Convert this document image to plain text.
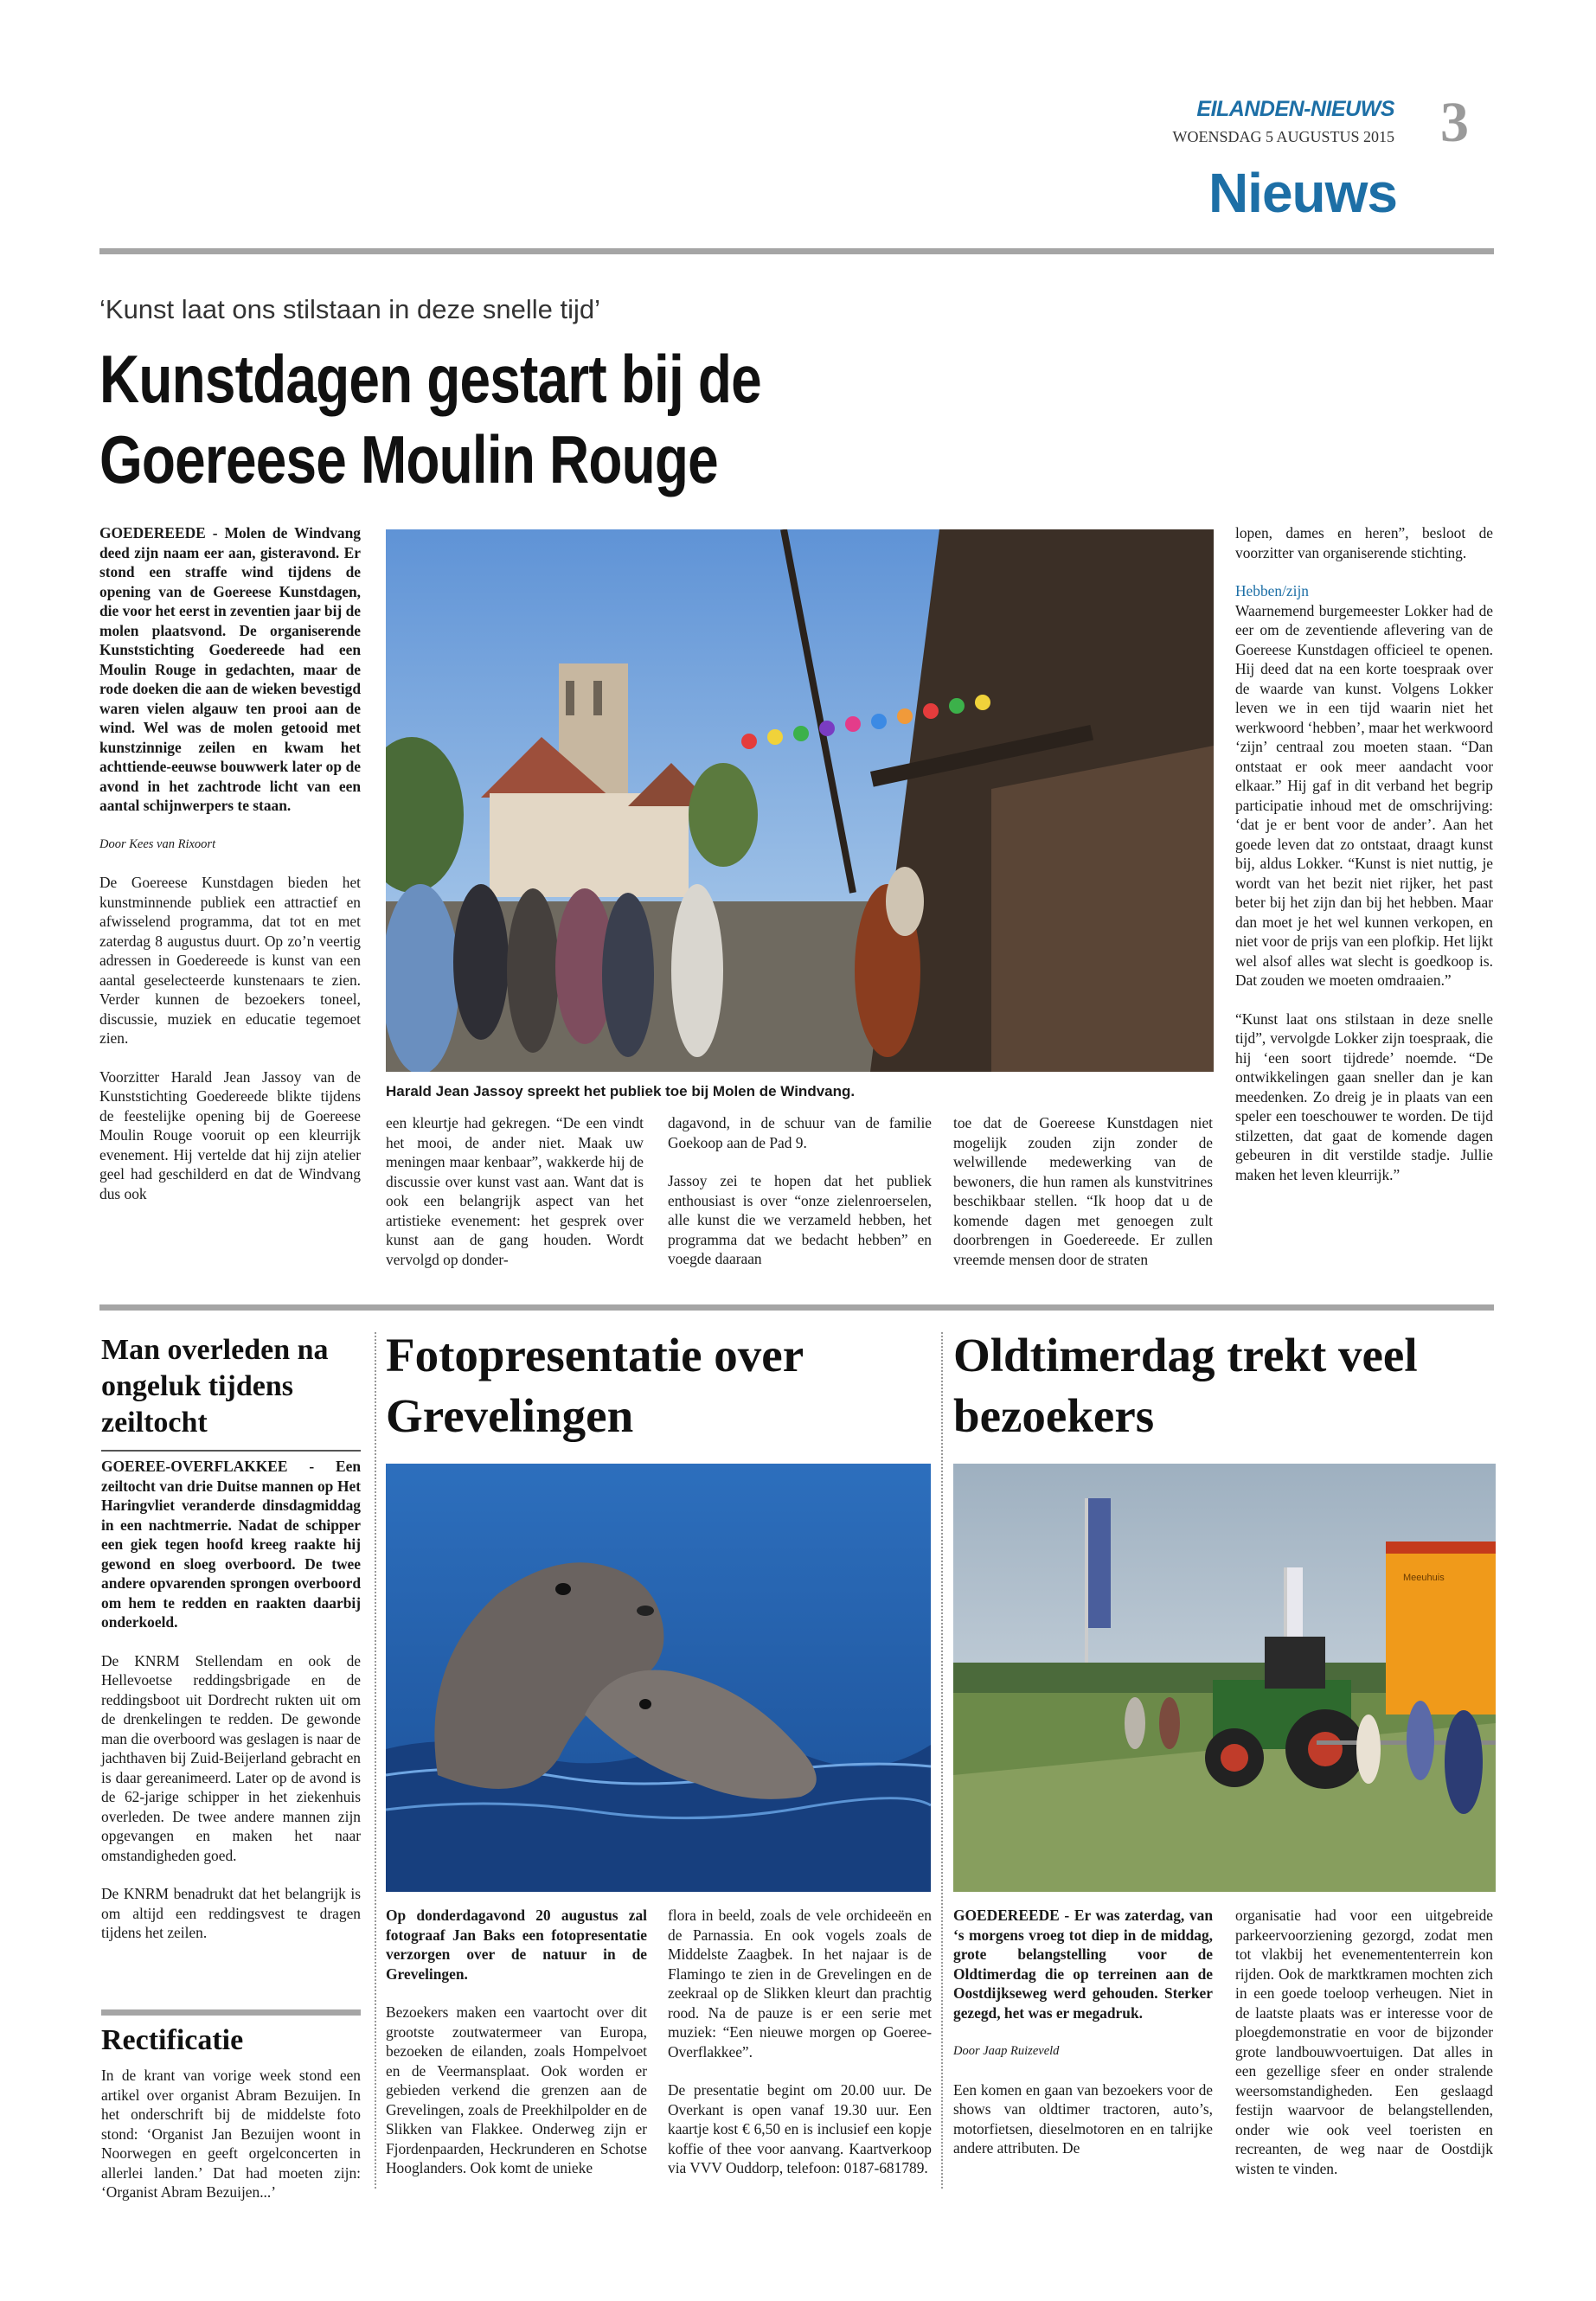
EILANDEN-NIEUWS
WOENSDAG 5 AUGUSTUS 2015 3
Nieuws
‘Kunst laat ons stilstaan in deze snelle tijd’
Kunstdagen gestart bij de
Goereese Moulin Rouge

GOEDEREEDE - Molen de Windvang deed zijn naam eer aan, gisteravond. Er stond een straffe wind tijdens de opening van de Goereese Kunstdagen, die voor het eerst in zeventien jaar bij de molen plaatsvond. De organiserende Kunststichting Goedereede had een Moulin Rouge in gedachten, maar de rode doeken die aan de wieken bevestigd waren vielen algauw ten prooi aan de wind. Wel was de molen getooid met kunstzinnige zeilen en kwam het achttiende-eeuwse bouwwerk later op de avond in het zachtrode licht van een aantal schijnwerpers te staan.

Door Kees van Rixoort

De Goereese Kunstdagen bieden het kunstminnende publiek een attractief en afwisselend programma, dat tot en met zaterdag 8 augustus duurt. Op zo’n veertig adressen in Goedereede is kunst van een aantal geselecteerde kunstenaars te zien. Verder kunnen de bezoekers toneel, discussie, muziek en educatie tegemoet zien.

Voorzitter Harald Jean Jassoy van de Kunststichting Goedereede blikte tijdens de feestelijke opening bij de Goereese Moulin Rouge vooruit op een kleurrijk evenement. Hij vertelde dat hij zijn atelier geel had geschilderd en dat de Windvang dus ook

Harald Jean Jassoy spreekt het publiek toe bij Molen de Windvang.

een kleurtje had gekregen. “De een vindt het mooi, de ander niet. Maak uw meningen maar kenbaar”, wakkerde hij de discussie over kunst vast aan. Want dat is ook een belangrijk aspect van het artistieke evenement: het gesprek over kunst aan de gang houden. Wordt vervolgd op donder-

dagavond, in de schuur van de familie Goekoop aan de Pad 9.

Jassoy zei te hopen dat het publiek enthousiast is over “onze zielenroerselen, alle kunst die we verzameld hebben, het programma dat we bedacht hebben” en voegde daaraan

toe dat de Goereese Kunstdagen niet mogelijk zouden zijn zonder de welwillende medewerking van de bewoners, die hun ramen als kunstvitrines beschikbaar stellen. “Ik hoop dat u de komende dagen met genoegen zult doorbrengen in Goedereede. Er zullen vreemde mensen door de straten

lopen, dames en heren”, besloot de voorzitter van organiserende stichting.

Hebben/zijn

Waarnemend burgemeester Lokker had de eer om de zeventiende aflevering van de Goereese Kunstdagen officieel te openen. Hij deed dat na een korte toespraak over de waarde van kunst. Volgens Lokker leven we in een tijd waarin niet het werkwoord ‘hebben’, maar het werkwoord ‘zijn’ centraal zou moeten staan. “Dan ontstaat er ook meer aandacht voor elkaar.” Hij gaf in dit verband het begrip participatie inhoud met de omschrijving: ‘dat je er bent voor de ander’. Aan het goede leven dat zo ontstaat, draagt kunst bij, aldus Lokker. “Kunst is niet nuttig, je wordt van het bezit niet rijker, het past beter bij het zijn dan bij het hebben. Maar dan moet je het wel kunnen verkopen, en niet voor de prijs van een plofkip. Het lijkt wel alsof alles wat slecht is goedkoop is. Dat zouden we moeten omdraaien.”

“Kunst laat ons stilstaan in deze snelle tijd”, vervolgde Lokker zijn toespraak, die hij ‘een soort tijdrede’ noemde. “De ontwikkelingen gaan sneller dan je kan meedenken. Zo dreig je in plaats van een speler een toeschouwer te worden. De tijd stilzetten, dat gaat de komende dagen gebeuren in dit verstilde stadje. Jullie maken het leven kleurrijk.”

Man overleden na ongeluk tijdens zeiltocht

GOEREE-OVERFLAKKEE - Een zeiltocht van drie Duitse mannen op Het Haringvliet veranderde dinsdagmiddag in een nachtmerrie. Nadat de schipper een giek tegen hoofd kreeg raakte hij gewond en sloeg overboord. De twee andere opvarenden sprongen overboord om hem te redden en raakten daarbij onderkoeld.

De KNRM Stellendam en ook de Hellevoetse reddingsbrigade en de reddingsboot uit Dordrecht rukten uit om de drenkelingen te redden. De gewonde man die overboord was geslagen is naar de jachthaven bij Zuid-Beijerland gebracht en is daar gereanimeerd. Later op de avond is de 62-jarige schipper in het ziekenhuis overleden. De twee andere mannen zijn opgevangen en maken het naar omstandigheden goed.

De KNRM benadrukt dat het belangrijk is om altijd een reddingsvest te dragen tijdens het zeilen.

Rectificatie

In de krant van vorige week stond een artikel over organist Abram Bezuijen. In het onderschrift bij de middelste foto stond: ‘Organist Jan Bezuijen woont in Noorwegen en geeft orgelconcerten in allerlei landen.’ Dat had moeten zijn: ‘Organist Abram Bezuijen...’

Fotopresentatie over
Grevelingen

Op donderdagavond 20 augustus zal fotograaf Jan Baks een fotopresentatie verzorgen over de natuur in de Grevelingen.

Bezoekers maken een vaartocht over dit grootste zoutwatermeer van Europa, bezoeken de eilanden, zoals Hompelvoet en de Veermansplaat. Ook worden er gebieden verkend die grenzen aan de Grevelingen, zoals de Preekhilpolder en de Slikken van Flakkee. Onderweg zijn er Fjordenpaarden, Heckrunderen en Schotse Hooglanders. Ook komt de unieke

flora in beeld, zoals de vele orchideeën en de Parnassia. En ook vogels zoals de Middelste Zaagbek. In het najaar is de Flamingo te zien in de Grevelingen en de zeekraal op de Slikken kleurt dan prachtig rood. Na de pauze is er een serie met muziek: “Een nieuwe morgen op Goeree-Overflakkee”.

De presentatie begint om 20.00 uur. De Overkant is open vanaf 19.30 uur. Een kaartje kost € 6,50 en is inclusief een kopje koffie of thee voor aanvang. Kaartverkoop via VVV Ouddorp, telefoon: 0187-681789.

Oldtimerdag trekt veel
bezoekers
Meeuhuis

GOEDEREEDE - Er was zaterdag, van ‘s morgens vroeg tot diep in de middag, grote belangstelling voor de Oldtimerdag die op terreinen aan de Oostdijkseweg werd gehouden. Sterker gezegd, het was er megadruk.

Door Jaap Ruizeveld

Een komen en gaan van bezoekers voor de shows van oldtimer tractoren, auto’s, motorfietsen, dieselmotoren en en talrijke andere attributen. De

organisatie had voor een uitgebreide parkeervoorziening gezorgd, zodat men tot vlakbij het evenemententerrein kon rijden. Ook de marktkramen mochten zich in een goede toeloop verheugen. Niet in de laatste plaats was er interesse voor de ploegdemonstratie en voor de bijzonder grote landbouwvoertuigen. Dat alles in een gezellige sfeer en onder stralende weersomstandigheden. Een geslaagd festijn waarvoor de belangstellenden, onder wie ook veel toeristen en recreanten, de weg naar de Oostdijk wisten te vinden.
